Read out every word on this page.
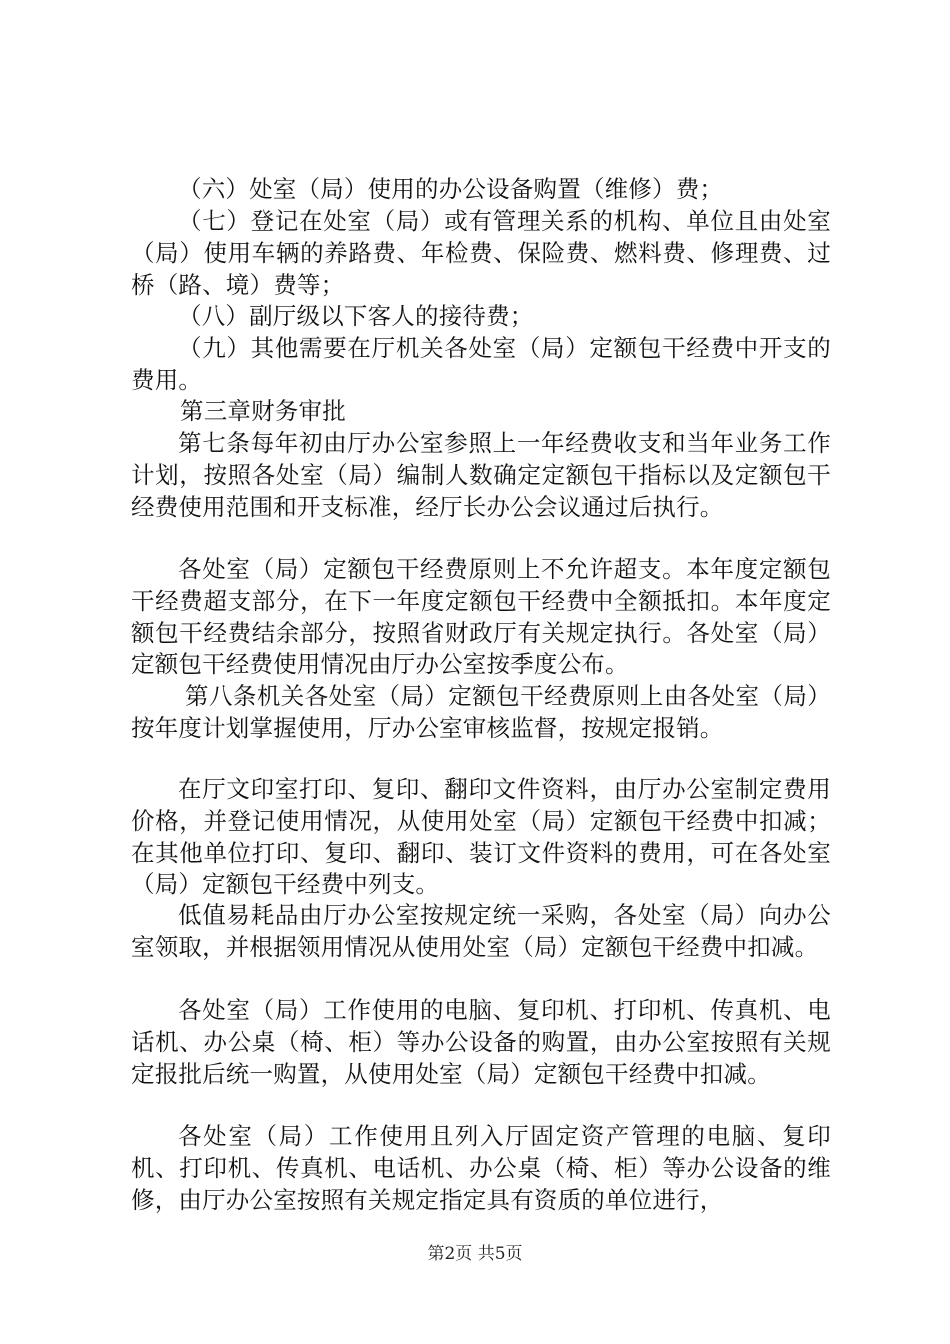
（六）处室（局）使用的办公设备购置（维修）费；

（七）登记在处室（局）或有管理关系的机构、单位且由处室（局）使用车辆的养路费、年检费、保险费、燃料费、修理费、过桥（路、境）费等；

（八）副厅级以下客人的接待费；

（九）其他需要在厅机关各处室（局）定额包干经费中开支的费用。

第三章财务审批

第七条每年初由厅办公室参照上一年经费收支和当年业务工作计划，按照各处室（局）编制人数确定定额包干指标以及定额包干经费使用范围和开支标准，经厅长办公会议通过后执行。

各处室（局）定额包干经费原则上不允许超支。本年度定额包干经费超支部分，在下一年度定额包干经费中全额抵扣。本年度定额包干经费结余部分，按照省财政厅有关规定执行。各处室（局）定额包干经费使用情况由厅办公室按季度公布。

第八条机关各处室（局）定额包干经费原则上由各处室（局）按年度计划掌握使用，厅办公室审核监督，按规定报销。

在厅文印室打印、复印、翻印文件资料，由厅办公室制定费用价格，并登记使用情况，从使用处室（局）定额包干经费中扣减；在其他单位打印、复印、翻印、装订文件资料的费用，可在各处室（局）定额包干经费中列支。

低值易耗品由厅办公室按规定统一采购，各处室（局）向办公室领取，并根据领用情况从使用处室（局）定额包干经费中扣减。

各处室（局）工作使用的电脑、复印机、打印机、传真机、电话机、办公桌（椅、柜）等办公设备的购置，由办公室按照有关规定报批后统一购置，从使用处室（局）定额包干经费中扣减。

各处室（局）工作使用且列入厅固定资产管理的电脑、复印机、打印机、传真机、电话机、办公桌（椅、柜）等办公设备的维修，由厅办公室按照有关规定指定具有资质的单位进行，

第2页 共5页
